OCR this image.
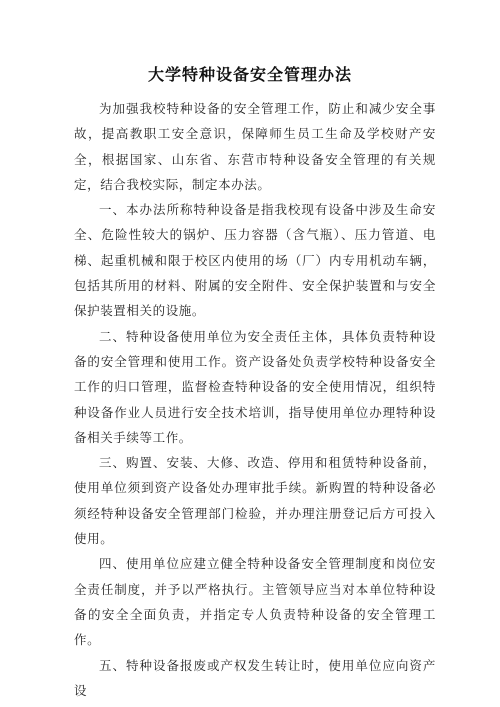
大学特种设备安全管理办法

为加强我校特种设备的安全管理工作，防止和减少安全事故，提高教职工安全意识，保障师生员工生命及学校财产安全，根据国家、山东省、东营市特种设备安全管理的有关规定，结合我校实际，制定本办法。

一、本办法所称特种设备是指我校现有设备中涉及生命安全、危险性较大的锅炉、压力容器（含气瓶）、压力管道、电梯、起重机械和限于校区内使用的场（厂）内专用机动车辆，包括其所用的材料、附属的安全附件、安全保护装置和与安全保护装置相关的设施。

二、特种设备使用单位为安全责任主体，具体负责特种设备的安全管理和使用工作。资产设备处负责学校特种设备安全工作的归口管理，监督检查特种设备的安全使用情况，组织特种设备作业人员进行安全技术培训，指导使用单位办理特种设备相关手续等工作。

三、购置、安装、大修、改造、停用和租赁特种设备前，使用单位须到资产设备处办理审批手续。新购置的特种设备必须经特种设备安全管理部门检验，并办理注册登记后方可投入使用。

四、使用单位应建立健全特种设备安全管理制度和岗位安全责任制度，并予以严格执行。主管领导应当对本单位特种设备的安全全面负责，并指定专人负责特种设备的安全管理工作。

五、特种设备报废或产权发生转让时，使用单位应向资产设
